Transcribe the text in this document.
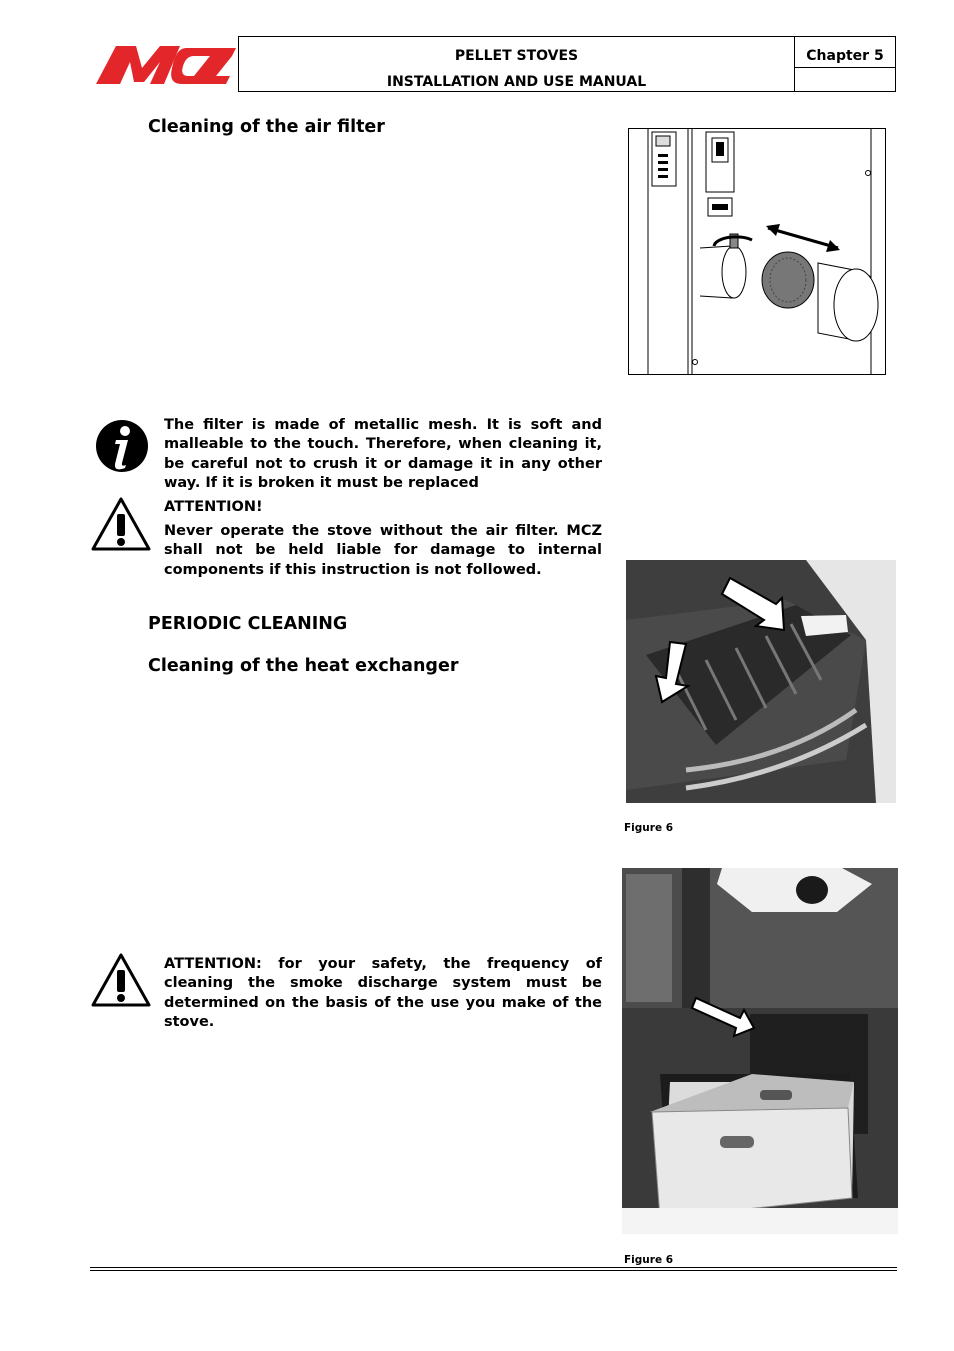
PELLET STOVES
INSTALLATION AND USE MANUAL
Chapter 5
Cleaning of the air filter
The filter is made of metallic mesh. It is soft and malleable to the touch. Therefore, when cleaning it, be careful not to crush it or damage it in any other way. If it is broken it must be replaced
ATTENTION!
Never operate the stove without the air filter. MCZ shall not be held liable for damage to internal components if this instruction is not followed.
Figure 6
PERIODIC CLEANING
Cleaning of the heat exchanger
ATTENTION: for your safety, the frequency of cleaning the smoke discharge system must be determined on the basis of the use you make of the stove.
Figure 6
